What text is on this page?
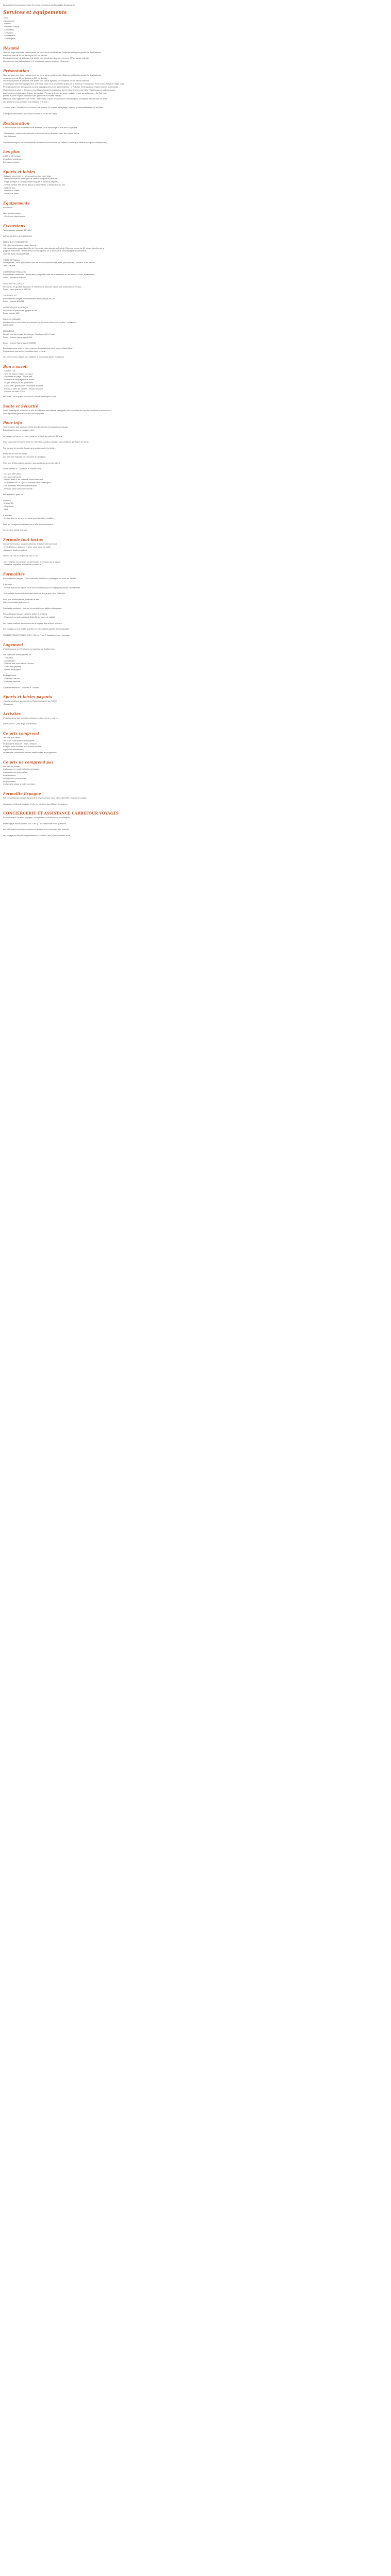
Description | Ce prix comprend / Ce prix ne comprend pas Formalités Conciergerie
Services et équipements
- Wifi
- Restaurant
- Piscine
- Parcmen ludique
- Climatiseur
- Télévision
- Climatisation
- Conciergerie
Résumé

Situé au large des côtes valenciennes, au cœur de la méditerranée, Majorque est la plus grande île des Baléares,

mesurant près de 80 km de long et 110 km de côte.

Destination prisée de visiteurs, elle profite d'un climat agréable, en moyenne 27° en saison estivale.

Connue pour ses plates plages et le chant vous nous a montrées (Calas de...

Présentation

Situé au large des côtes valenciennes, au cœur de la méditerranée, Majorque est la plus grande île des Baléares,

mesurant près de 80 km de long et 110 km de côte.

Destination prisée de visiteurs, elle profite d'un climat agréable, en moyenne 27° en saison estivale.

Connue pour ses belles plages et le chant que vous nous a montrées (Calas de la Sierra de Tramuntana, Porto Cristo, Plaça de Mayo, Cala

Pinar (lesquelles se démarquent par ses paysages préservés dans l'intérieur : 4 Robuste, les Dragonera, Cabrera et son authenticité...

Visitez l'ancien soleil et découvrez les villages typiques majorquins, dont le plus fameux reste Deia (Valldemosa ou Valldemossa)...

Autre route incontournable, Palma, sa capitale ! Pensez le temps de vous y balader et voir sa cathédrale « Sa Seu » ou

prenez le ponti Royal d'Almudaina (les jardins et de musée Pesca).

Majorque n'est également que Fiesta ! Entre bars à tapas, restaurants et discothèques, les fêtards de saint pas en reste.

Les amies de vous animées sont Magaluf et Arenal !

L'hôtel Castel Cala Millor 4* se trouve à seulement 150 mètres de la plage, dans un quartier résidentiel à Cala Millor.

L'aéroport international de Palma se trouve à 70 min de l'hôtel.

Restauration

L'hôtel dispose d'un restaurant sous terrasse , d'un bar lounge et d'un bar à la piscine.

- Restaurant : cuisine internationale sert le sous forme de buffet, avec des soirs à thème

- Bar, boissons

Durant votre séjour, vous bénéficierez de la formule tout inclus (se référer à la rubrique détaillé avec plus d'informations).

Les plus

À 150 m de la plage

Chambres spacieuses

Bel espace piscine

Sports et loisirs

- Laissez-vous tenter un sel un agrément ou votre loisir, ...

- Piscine extérieure aménagée de chaises longues et parasols

- Plage publique à 100 m (chaises longues et parasols payants)

- Centre de bien-être (fermé de juin à septembre) : à destination 17 ans...

- Salle de jeux

- Remise en forme

- séance de bains

Equipements

Ascenseur

Aide supplémentaire

- Service de blanchisserie

Excursions

Tarifs valables jusqu'au 31/10/24

DÉCOUVERTE & EXCURSIONS

MARCHÉ ET FORMENTOR

Votre bus panoramique passe dans la...

Votre expédition passe dans l'île de Formentor, puis déposé au Port de Pollença, en vue de 30 min en direction de la

plage de Formentor. Temps libre pour la baignade ou la découverte des paysages de cet endroit.

Journée (sans repas) 55€/65€

VISITE DE PALMA

Visite guidée : vous apprécierez tous les lieux incontournables, entre panoramique, en trains et en bateau, ...

Tarif : 29€/19€

CATAMARAN ROMAN DE

Excursion en catamaran. Temps libre pour profiter des eaux cristallines ou se relaxer. À midi, repas buffet...

Durée : journée à 66€/48€

GROTTES DEL DRACH

Découvrez les grottes du Drach, et admirez l'un des plus vastes lacs souterrains d'Europe...

Durée : demi-journée à 43€/33€

TOUR DE L'ÎLE

Parcourez les villages, les monastères et les criques de l'île...

Durée : journée 55€/35€

AUTHENTIQUE MAJORQUE

Découvrez le patrimoine typique de l'île...

Durée journée 48€

RANCHO GRANDE

Rendez-vous à l'endroit au promontoire de découvrir les trésors cachés : Le Rancho ...

Adultes 21€

MAJORQUE

Départ vers les criques de Calonge, Mondragó et Es Pujols...

Durée : journée (sans repas) 55€

Durée : journée (sans repas) 55€/28€

Excursions sous réserve d'un minimum de participants et de places disponibles...

Programmes pouvant être modifiés sans préavis...

Les prix en euro indiqué sont valables le mois avant départ en autocar.

Bon à savoir

- Caution : 0 €

- Taxe de séjour à régler sur place

- Serviettes de plage : 2€ par prêt

- Animaux de compagnie non admis

- Le prix n'inclut pas les pourboires

- Accès Wifi : gratuit dans l'ensemble de l'hôtel

- Prix de la bière en canette : 4€ par personne

- Prise de courant : 220 V

Info civile : Pour quand vous le soit, durant votre séjour à bon...

Santé et Sécurité

Avant votre départ, consultez le site du ministère des Affaires étrangères pour connaître les risques sanitaires et sécuritaires :

www.diplomatie.gouv.fr/conseils-aux-voyageurs

Pour info

Tout voyageur doit s'assurer d'avoir les documents nécessaires au voyage...

Dans tous les cas, le voyageur doit...

Le voyage en bus ou en avion, pour les enfants de moins de 12 ans...

Pour vous informer sur le détail de cette offre, veuillez consulter nos conditions générales de vente.

Par mesure de sécurité, l'accès à la piscine peut être limité...

PRÉCISION SUR LE TARIF

Les prix sont indiqués par personne et par séjour...

Pour plus d'informations, veuillez nous contacter au service client.

Notre adresse à : Contacter le service client.

- Les vols aller-retour

- Les taxes aéroport

- Hôtel Castel 4* en chambre double standard

- Le transfert de 4 à 7 jours, services selon votre séjour...

- Les transferts aéroport/hôtel/aéroport

- Pension selon la formule choisie

Prix indicatif à partir de...

Départ à

- Paris CDG

- Orly Ouest

- Nice

À NOTER

- En cas d'erreur de prix, les tarifs pourraient être modifiés...

Pour les voyageurs souhaitant se rendre à un évènement...

Si votre prix devait changer...

Formule tout inclus

Durant votre séjour, vous bénéficierez de la formule tout inclus :

- Petit-déjeuner, déjeuner et dîner sous forme de buffet

- Boissons locales à volonté

Snacks de 10h à 12h puis de 15h à 18h

- Les horaires d'ouvertures peuvent varier en fonction de la saison

- Boissons importées et cocktails non inclus

Formalités

Ressortissants français : Carte nationale d'identité ou passeport en cours de validité...

À NOTER

- En cas d'erreur de saisie, nous vous informons que la compagnie pourrait vous facturer...

- Les enfants mineurs doivent être munis de leur propre pièce d'identité...

Pour plus d'informations, consultez le site :

https://www.diplomatie.gouv.fr

Formalités sanitaires : voir site du ministère des affaires étrangères.

Ressortissants français (adultes, bébés et enfants) :

- Passeport ou carte nationale d'identité en cours de validité.

Les règles relatives aux documents de voyage des enfants mineurs...

Les voyageurs sont invités à vérifier les informations auprès de l'ambassade.

COURANT ÉLECTRIQUE : 230 V / 50 Hz, Type F. Adaptateur non nécessaire.

Logement

L'hôtel dispose de 222 chambres réparties sur 3 bâtiments...

Les chambres sont équipées de :

- Télévision

- Climatisation

- Salle de bain avec sèche-cheveux

- Coffre-fort (payant)

- Balcon ou terrasse

En supplément :

- Chambre vue mer

- Chambre familiale

Capacité maximum : 2 adultes + 1 enfant

Sports et loisirs payants

- Sports nautiques à proximité de l'hôtel (non gérés par l'hôtel)

- Massages

Activités

L'hôtel propose des animations légères en journée et en soirée...

INFO SANTÉ : petit ange à l'animation.

Ce prix comprend

Les vols aller-retour

Les taxes d'aéroport et de solidarité,

les transferts aéroport / hôtel / aéroport,

le séjour selon la durée et la formule choisie,

la pension sélectionnée,

les services, séances et activités mentionnées au programme.

Ce prix ne comprend pas

Les frais de dossier,

les bagages en soute selon la compagnie,

les assurances optionnelles,

les excursions,

les dépenses personnelles,

les pourboires,

les taxes de séjour à régler sur place.

Formalité Espagne

Les ressortissants français doivent être en possession d'une pièce d'identité en cours de validité...

Nous vous invitons à consulter le site du ministère des Affaires étrangères.

CONCIERGERIE ET ASSISTANCE CARREFOUR VOYAGES

En choisissant Carrefour Voyages, vous profitez d'un service de conciergerie...

Notre équipe est disponible 24h/24 et 7j/7 pour répondre à vos questions...

Les informations sur les excursions et activités sont données à titre indicatif.

Les voyageurs devront obligatoirement se rendre à leur point de rendez-vous...
